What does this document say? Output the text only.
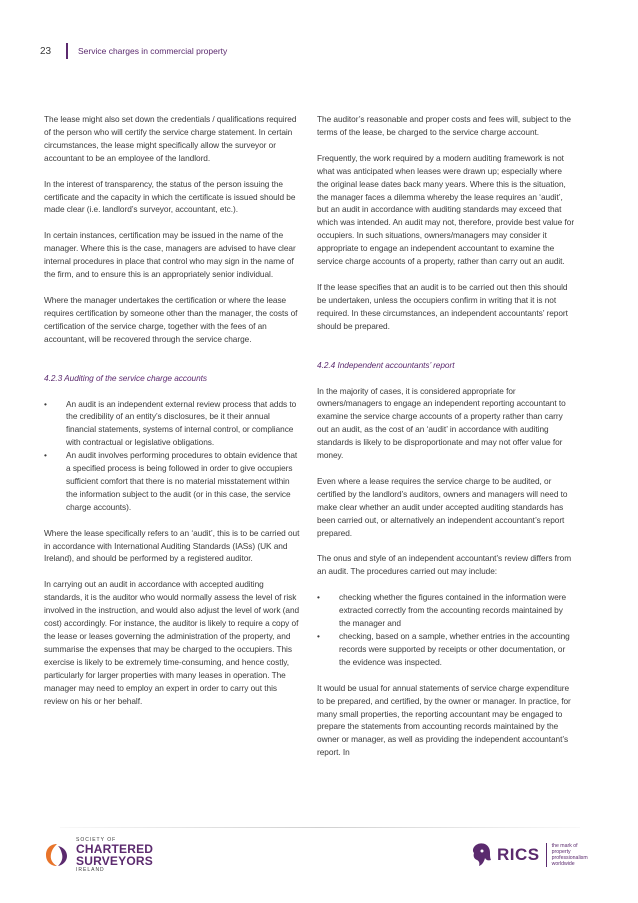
23	Service charges in commercial property

The lease might also set down the credentials / qualifications required of the person who will certify the service charge statement. In certain circumstances, the lease might specifically allow the surveyor or accountant to be an employee of the landlord.

In the interest of transparency, the status of the person issuing the certificate and the capacity in which the certificate is issued should be made clear (i.e. landlord’s surveyor, accountant, etc.).

In certain instances, certification may be issued in the name of the manager. Where this is the case, managers are advised to have clear internal procedures in place that control who may sign in the name of the firm, and to ensure this is an appropriately senior individual.

Where the manager undertakes the certification or where the lease requires certification by someone other than the manager, the costs of certification of the service charge, together with the fees of an accountant, will be recovered through the service charge.

4.2.3 Auditing of the service charge accounts
• An audit is an independent external review process that adds to the credibility of an entity’s disclosures, be it their annual financial statements, systems of internal control, or compliance with contractual or legislative obligations.
• An audit involves performing procedures to obtain evidence that a specified process is being followed in order to give occupiers sufficient comfort that there is no material misstatement within the information subject to the audit (or in this case, the service charge accounts).

Where the lease specifically refers to an ‘audit’, this is to be carried out in accordance with International Auditing Standards (IASs) (UK and Ireland), and should be performed by a registered auditor.

In carrying out an audit in accordance with accepted auditing standards, it is the auditor who would normally assess the level of risk involved in the instruction, and would also adjust the level of work (and cost) accordingly. For instance, the auditor is likely to require a copy of the lease or leases governing the administration of the property, and summarise the expenses that may be charged to the occupiers. This exercise is likely to be extremely time-consuming, and hence costly, particularly for larger properties with many leases in operation. The manager may need to employ an expert in order to carry out this review on his or her behalf.

The auditor’s reasonable and proper costs and fees will, subject to the terms of the lease, be charged to the service charge account.

Frequently, the work required by a modern auditing framework is not what was anticipated when leases were drawn up; especially where the original lease dates back many years. Where this is the situation, the manager faces a dilemma whereby the lease requires an ‘audit’, but an audit in accordance with auditing standards may exceed that which was intended. An audit may not, therefore, provide best value for occupiers. In such situations, owners/managers may consider it appropriate to engage an independent accountant to examine the service charge accounts of a property, rather than carry out an audit.

If the lease specifies that an audit is to be carried out then this should be undertaken, unless the occupiers confirm in writing that it is not required. In these circumstances, an independent accountants’ report should be prepared.

4.2.4 Independent accountants’ report

In the majority of cases, it is considered appropriate for owners/managers to engage an independent reporting accountant to examine the service charge accounts of a property rather than carry out an audit, as the cost of an ‘audit’ in accordance with auditing standards is likely to be disproportionate and may not offer value for money.

Even where a lease requires the service charge to be audited, or certified by the landlord’s auditors, owners and managers will need to make clear whether an audit under accepted auditing standards has been carried out, or alternatively an independent accountant’s report prepared.

The onus and style of an independent accountant’s review differs from an audit. The procedures carried out may include:

• checking whether the figures contained in the information were extracted correctly from the accounting records maintained by the manager and
• checking, based on a sample, whether entries in the accounting records were supported by receipts or other documentation, or the evidence was inspected.

It would be usual for annual statements of service charge expenditure to be prepared, and certified, by the owner or manager. In practice, for many small properties, the reporting accountant may be engaged to prepare the statements from accounting records maintained by the owner or manager, as well as providing the independent accountant’s report. In

SOCIETY OF
CHARTERED
SURVEYORS
IRELAND
RICS the mark of
property
professionalism
worldwide
